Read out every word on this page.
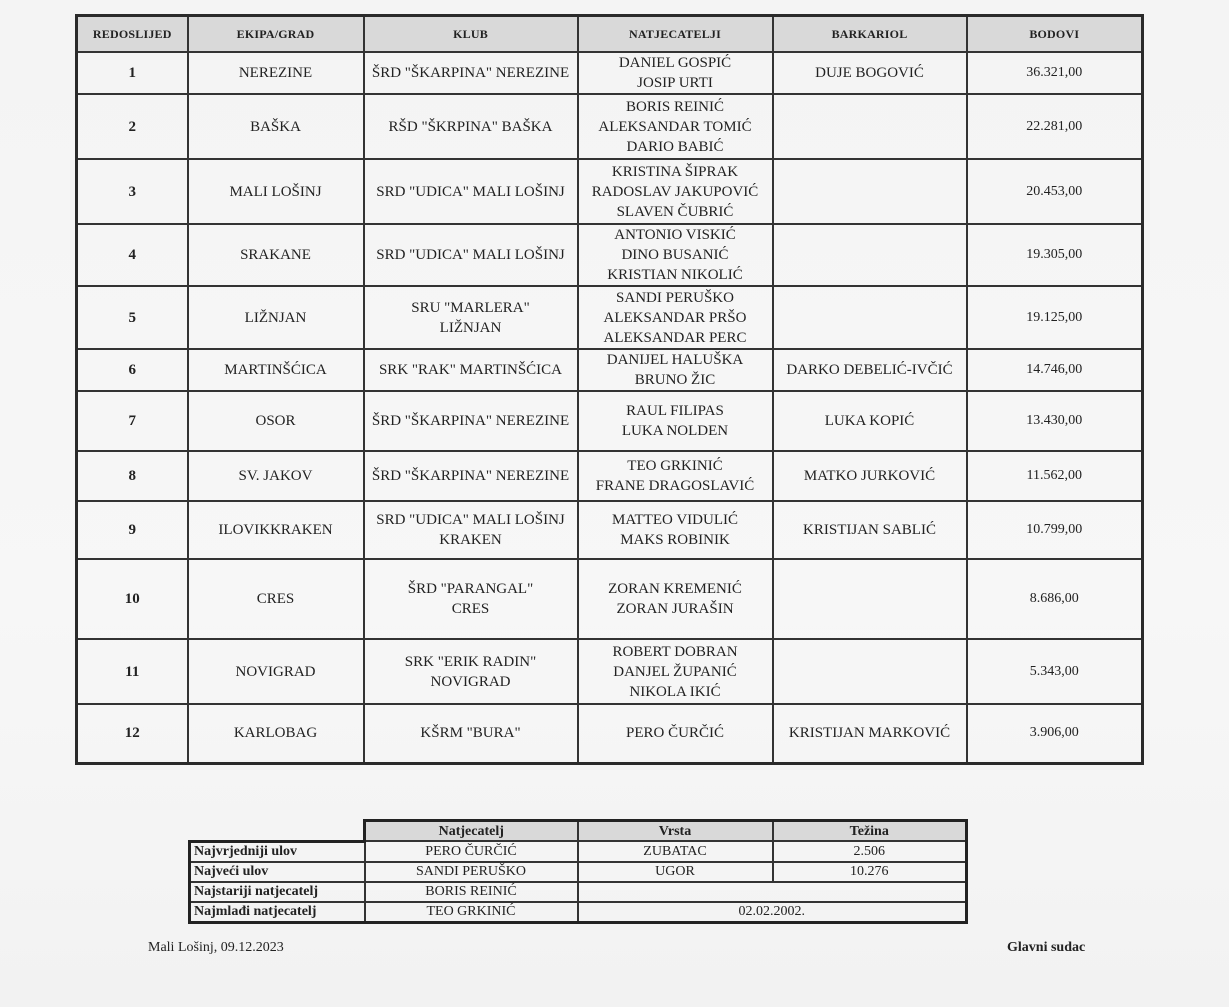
REDOSLIJED	EKIPA/GRAD	KLUB	NATJECATELJI	BARKARIOL	BODOVI
1	NEREZINE	ŠRD "ŠKARPINA" NEREZINE	DANIEL GOSPIĆ
JOSIP URTI	DUJE BOGOVIĆ	36.321,00
2	BAŠKA	RŠD "ŠKRPINA" BAŠKA	BORIS REINIĆ
ALEKSANDAR TOMIĆ
DARIO BABIĆ		22.281,00
3	MALI LOŠINJ	SRD "UDICA" MALI LOŠINJ	KRISTINA ŠIPRAK
RADOSLAV JAKUPOVIĆ
SLAVEN ČUBRIĆ		20.453,00
4	SRAKANE	SRD "UDICA" MALI LOŠINJ	ANTONIO VISKIĆ
DINO BUSANIĆ
KRISTIAN NIKOLIĆ		19.305,00
5	LIŽNJAN	SRU "MARLERA"
LIŽNJAN	SANDI PERUŠKO
ALEKSANDAR PRŠO
ALEKSANDAR PERC		19.125,00
6	MARTINŠĆICA	SRK "RAK" MARTINŠĆICA	DANIJEL HALUŠKA
BRUNO ŽIC	DARKO DEBELIĆ-IVČIĆ	14.746,00
7	OSOR	ŠRD "ŠKARPINA" NEREZINE	RAUL FILIPAS
LUKA NOLDEN	LUKA KOPIĆ	13.430,00
8	SV. JAKOV	ŠRD "ŠKARPINA" NEREZINE	TEO GRKINIĆ
FRANE DRAGOSLAVIĆ	MATKO JURKOVIĆ	11.562,00
9	ILOVIKKRAKEN	SRD "UDICA" MALI LOŠINJ
KRAKEN	MATTEO VIDULIĆ
MAKS ROBINIK	KRISTIJAN SABLIĆ	10.799,00
10	CRES	ŠRD "PARANGAL"
CRES	ZORAN KREMENIĆ
ZORAN JURAŠIN		8.686,00
11	NOVIGRAD	SRK "ERIK RADIN"
NOVIGRAD	ROBERT DOBRAN
DANJEL ŽUPANIĆ
NIKOLA IKIĆ		5.343,00
12	KARLOBAG	KŠRM "BURA"	PERO ČURČIĆ	KRISTIJAN MARKOVIĆ	3.906,00
	Natjecatelj	Vrsta	Težina
Najvrjedniji ulov	PERO ČURČIĆ	ZUBATAC	2.506
Najveći ulov	SANDI PERUŠKO	UGOR	10.276
Najstariji natjecatelj	BORIS REINIĆ		
Najmlađi natjecatelj	TEO GRKINIĆ	02.02.2002.	
Mali Lošinj, 09.12.2023	Glavni sudac
